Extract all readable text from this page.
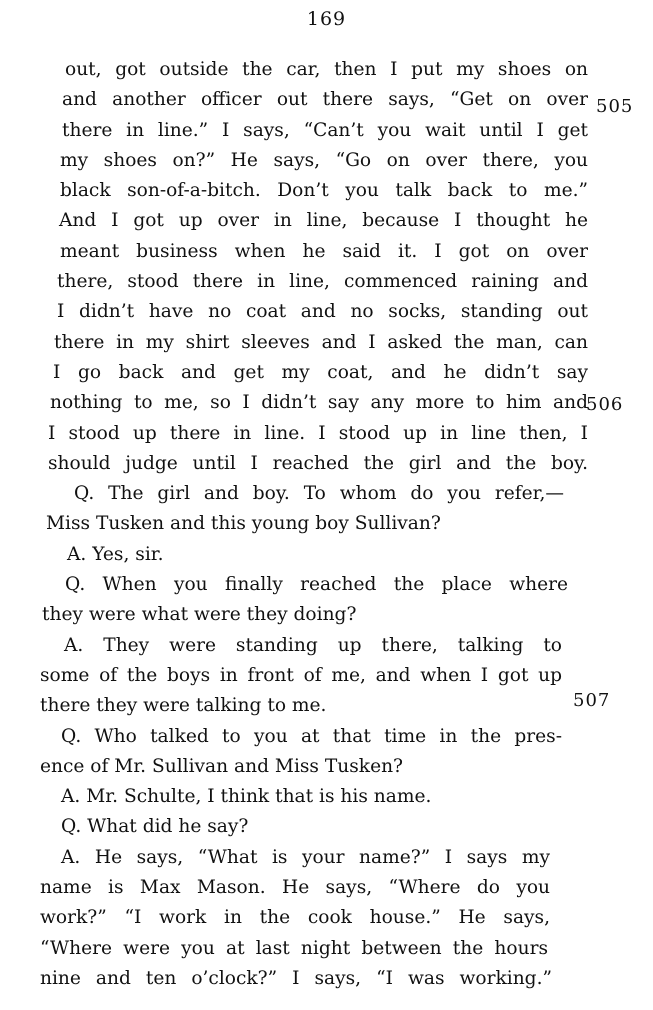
169
out, got outside the car, then I put my shoes on
and another officer out there says, “Get on over
there in line.” I says, “Can’t you wait until I get
my shoes on?” He says, “Go on over there, you
black son-of-a-bitch. Don’t you talk back to me.”
And I got up over in line, because I thought he
meant business when he said it. I got on over
there, stood there in line, commenced raining and
I didn’t have no coat and no socks, standing out
there in my shirt sleeves and I asked the man, can
I go back and get my coat, and he didn’t say
nothing to me, so I didn’t say any more to him and
I stood up there in line. I stood up in line then, I
should judge until I reached the girl and the boy.
Q. The girl and boy. To whom do you refer,—
Miss Tusken and this young boy Sullivan?
A. Yes, sir.
Q. When you finally reached the place where
they were what were they doing?
A. They were standing up there, talking to
some of the boys in front of me, and when I got up
there they were talking to me.
Q. Who talked to you at that time in the pres-
ence of Mr. Sullivan and Miss Tusken?
A. Mr. Schulte, I think that is his name.
Q. What did he say?
A. He says, “What is your name?” I says my
name is Max Mason. He says, “Where do you
work?” “I work in the cook house.” He says,
“Where were you at last night between the hours
nine and ten o’clock?” I says, “I was working.”
505
506
507
